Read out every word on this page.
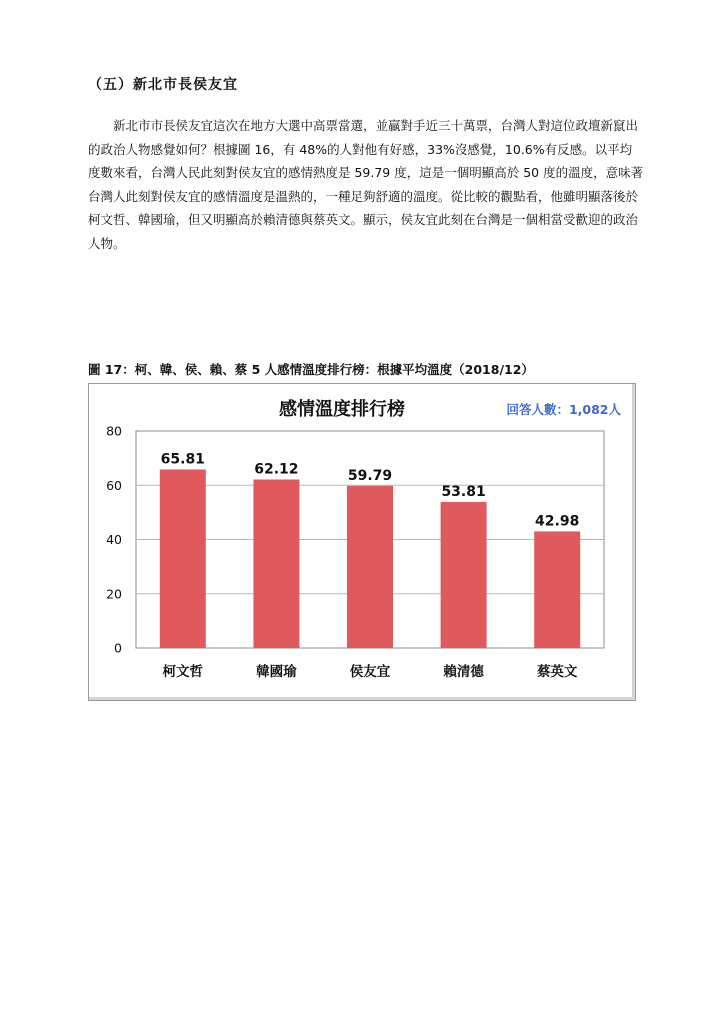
（五）新北市長侯友宜

新北市市長侯友宜這次在地方大選中高票當選，並贏對手近三十萬票，台灣人對這位政壇新竄出的政治人物感覺如何？根據圖 16，有 48%的人對他有好感，33%沒感覺，10.6%有反感。以平均度數來看，台灣人民此刻對侯友宜的感情熱度是 59.79 度，這是一個明顯高於 50 度的溫度，意味著台灣人此刻對侯友宜的感情溫度是溫熱的，一種足夠舒適的溫度。從比較的觀點看，他雖明顯落後於柯文哲、韓國瑜，但又明顯高於賴清德與蔡英文。顯示，侯友宜此刻在台灣是一個相當受歡迎的政治人物。

圖 17：柯、韓、侯、賴、蔡 5 人感情溫度排行榜：根據平均溫度（2018/12）
感情溫度排行榜	回答人數：1,082人
0
20
40
60
80
65.81
柯文哲
62.12
韓國瑜
59.79
侯友宜
53.81
賴清德
42.98
蔡英文
